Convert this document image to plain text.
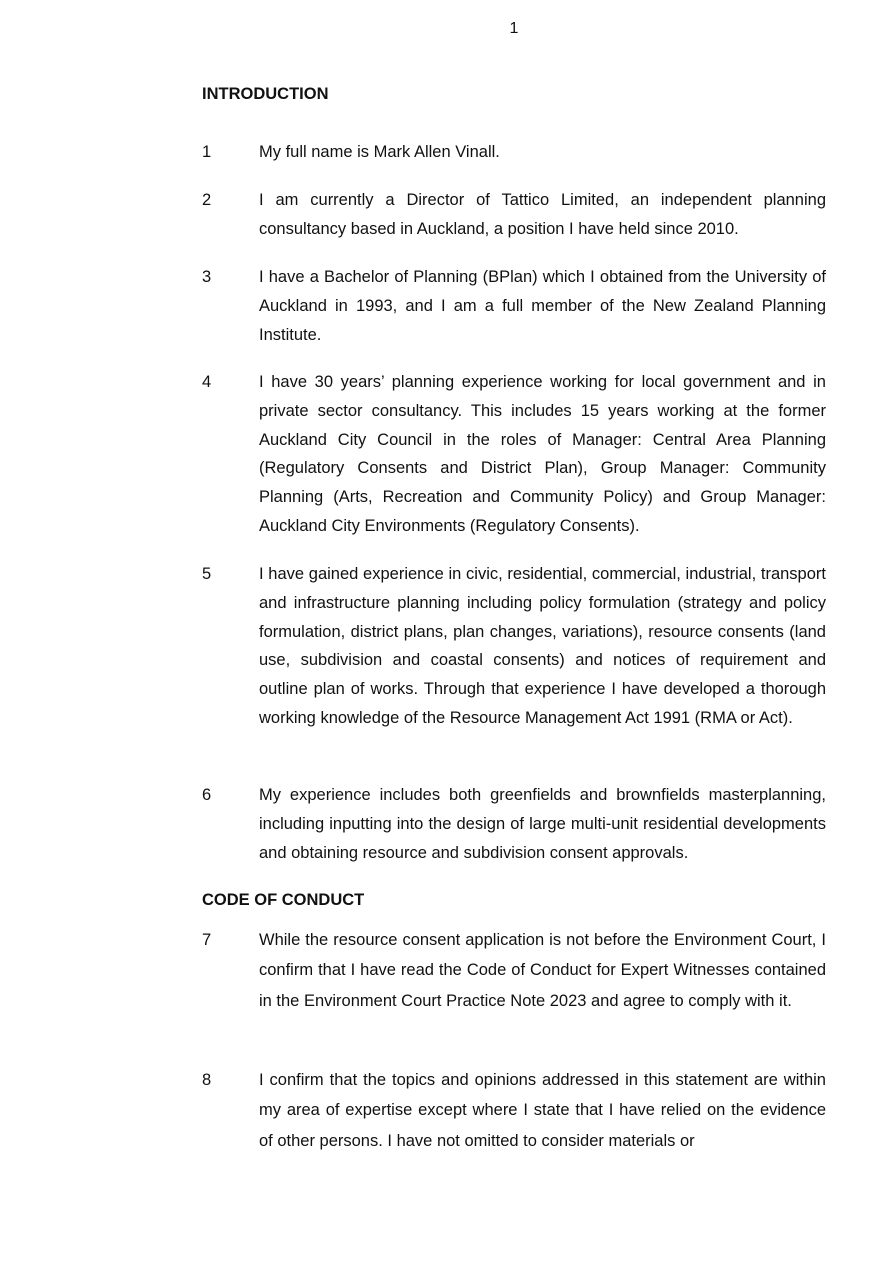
1
INTRODUCTION
1	My full name is Mark Allen Vinall.
2	I am currently a Director of Tattico Limited, an independent planning consultancy based in Auckland, a position I have held since 2010.
3	I have a Bachelor of Planning (BPlan) which I obtained from the University of Auckland in 1993, and I am a full member of the New Zealand Planning Institute.
4	I have 30 years’ planning experience working for local government and in private sector consultancy. This includes 15 years working at the former Auckland City Council in the roles of Manager: Central Area Planning (Regulatory Consents and District Plan), Group Manager: Community Planning (Arts, Recreation and Community Policy) and Group Manager: Auckland City Environments (Regulatory Consents).
5	I have gained experience in civic, residential, commercial, industrial, transport and infrastructure planning including policy formulation (strategy and policy formulation, district plans, plan changes, variations), resource consents (land use, subdivision and coastal consents) and notices of requirement and outline plan of works. Through that experience I have developed a thorough working knowledge of the Resource Management Act 1991 (RMA or Act).
6	My experience includes both greenfields and brownfields masterplanning, including inputting into the design of large multi-unit residential developments and obtaining resource and subdivision consent approvals.
CODE OF CONDUCT
7	While the resource consent application is not before the Environment Court, I confirm that I have read the Code of Conduct for Expert Witnesses contained in the Environment Court Practice Note 2023 and agree to comply with it.
8	I confirm that the topics and opinions addressed in this statement are within my area of expertise except where I state that I have relied on the evidence of other persons. I have not omitted to consider materials or
